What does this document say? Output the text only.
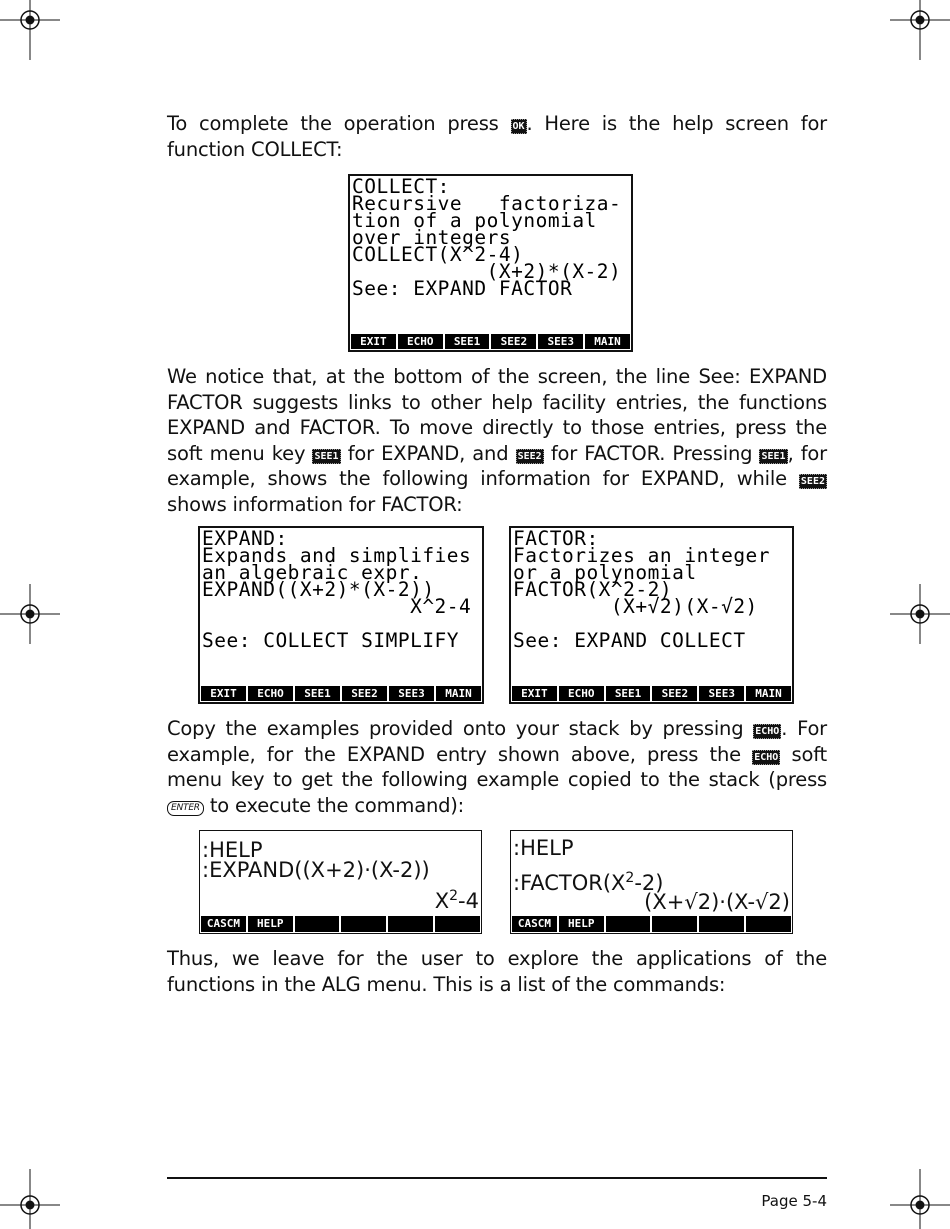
To complete the operation press OK . Here is the help screen for function COLLECT:

COLLECT:
Recursive   factoriza-
tion of a polynomial
over integers
COLLECT(X^2-4)
(X+2)*(X-2)
See: EXPAND FACTOR
EXIT	ECHO	SEE1	SEE2	SEE3	MAIN

We notice that, at the bottom of the screen, the line See: EXPAND FACTOR suggests links to other help facility entries, the functions EXPAND and FACTOR. To move directly to those entries, press the soft menu key SEE1 for EXPAND, and SEE2 for FACTOR. Pressing SEE1 , for example, shows the following information for EXPAND, while SEE2 shows information for FACTOR:

EXPAND:
Expands and simplifies
an algebraic expr.
EXPAND((X+2)*(X-2))
X^2-4

See: COLLECT SIMPLIFY
EXIT	ECHO	SEE1	SEE2	SEE3	MAIN
FACTOR:
Factorizes an integer
or a polynomial
FACTOR(X^2-2)
(X+√2)(X-√2)

See: EXPAND COLLECT
EXIT	ECHO	SEE1	SEE2	SEE3	MAIN

Copy the examples provided onto your stack by pressing ECHO . For example, for the EXPAND entry shown above, press the ECHO soft menu key to get the following example copied to the stack (press ENTER to execute the command):

:HELP
:EXPAND((X+2)·(X-2))
$X^2-4$
CASCM	HELP
:HELP
$:FACTOR(X^2-2)$
(X+√2)·(X-√2)
CASCM	HELP

Thus, we leave for the user to explore the applications of the functions in the ALG menu. This is a list of the commands:

Page 5-4
